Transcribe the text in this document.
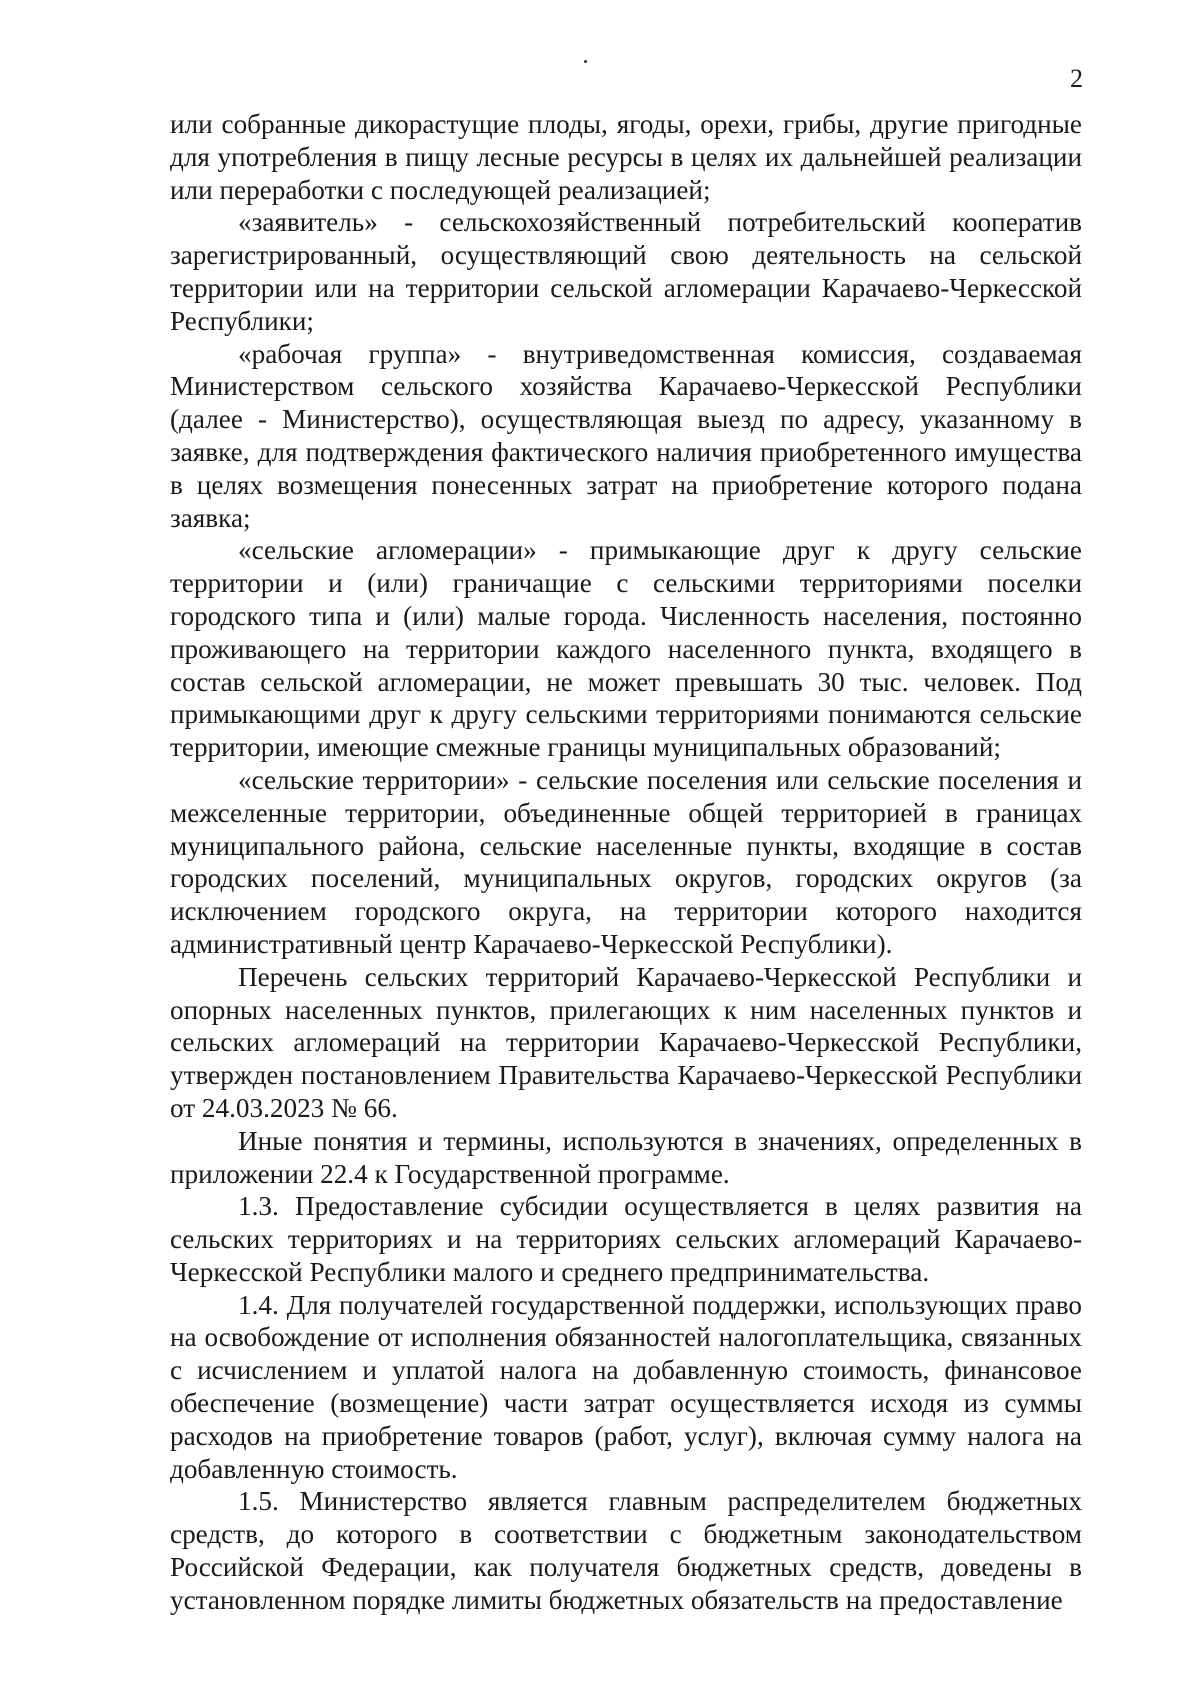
2

или собранные дикорастущие плоды, ягоды, орехи, грибы, другие пригодные для употребления в пищу лесные ресурсы в целях их дальнейшей реализации или переработки с последующей реализацией;

«заявитель» - сельскохозяйственный потребительский кооператив зарегистрированный, осуществляющий свою деятельность на сельской территории или на территории сельской агломерации Карачаево-Черкесской Республики;

«рабочая группа» - внутриведомственная комиссия, создаваемая Министерством сельского хозяйства Карачаево-Черкесской Республики (далее - Министерство), осуществляющая выезд по адресу, указанному в заявке, для подтверждения фактического наличия приобретенного имущества в целях возмещения понесенных затрат на приобретение которого подана заявка;

«сельские агломерации» - примыкающие друг к другу сельские территории и (или) граничащие с сельскими территориями поселки городского типа и (или) малые города. Численность населения, постоянно проживающего на территории каждого населенного пункта, входящего в состав сельской агломерации, не может превышать 30 тыс. человек. Под примыкающими друг к другу сельскими территориями понимаются сельские территории, имеющие смежные границы муниципальных образований;

«сельские территории» - сельские поселения или сельские поселения и межселенные территории, объединенные общей территорией в границах муниципального района, сельские населенные пункты, входящие в состав городских поселений, муниципальных округов, городских округов (за исключением городского округа, на территории которого находится административный центр Карачаево-Черкесской Республики).

Перечень сельских территорий Карачаево-Черкесской Республики и опорных населенных пунктов, прилегающих к ним населенных пунктов и сельских агломераций на территории Карачаево-Черкесской Республики, утвержден постановлением Правительства Карачаево-Черкесской Республики от 24.03.2023 № 66.

Иные понятия и термины, используются в значениях, определенных в приложении 22.4 к Государственной программе.

1.3. Предоставление субсидии осуществляется в целях развития на сельских территориях и на территориях сельских агломераций Карачаево-Черкесской Республики малого и среднего предпринимательства.

1.4. Для получателей государственной поддержки, использующих право на освобождение от исполнения обязанностей налогоплательщика, связанных с исчислением и уплатой налога на добавленную стоимость, финансовое обеспечение (возмещение) части затрат осуществляется исходя из суммы расходов на приобретение товаров (работ, услуг), включая сумму налога на добавленную стоимость.

1.5. Министерство является главным распределителем бюджетных средств, до которого в соответствии с бюджетным законодательством Российской Федерации, как получателя бюджетных средств, доведены в установленном порядке лимиты бюджетных обязательств на предоставление
